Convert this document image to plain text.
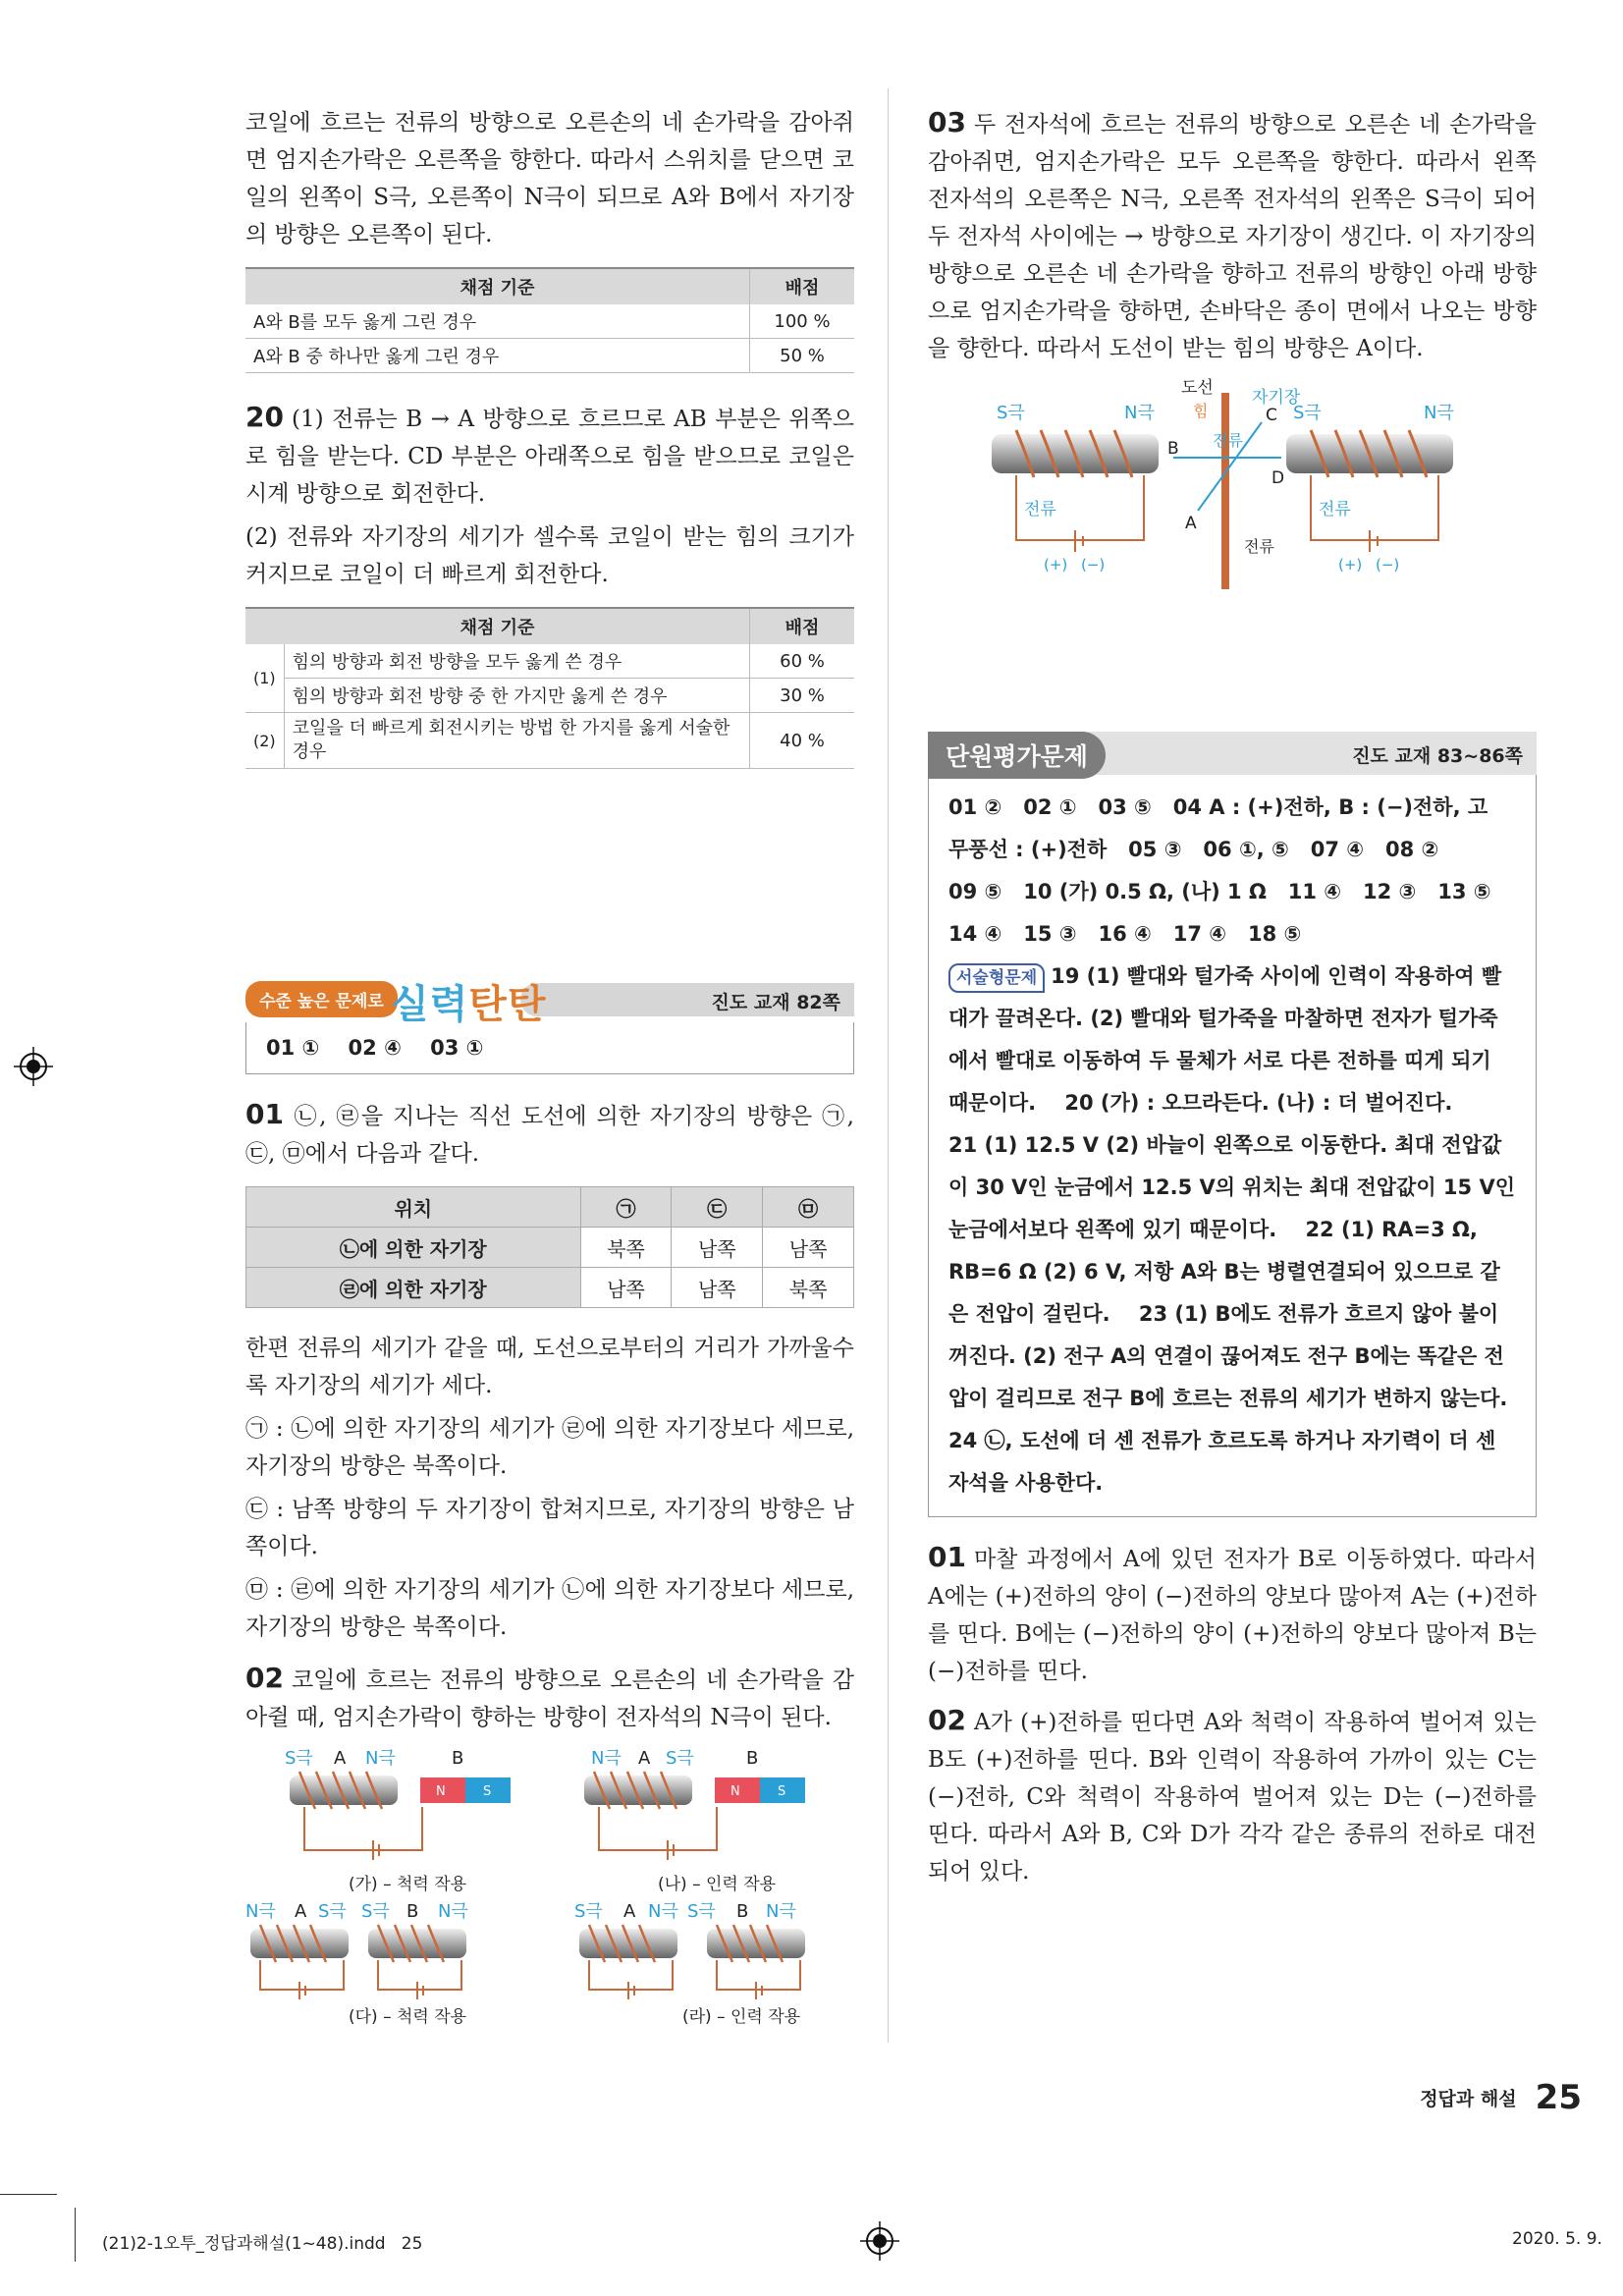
코일에 흐르는 전류의 방향으로 오른손의 네 손가락을 감아쥐면 엄지손가락은 오른쪽을 향한다. 따라서 스위치를 닫으면 코일의 왼쪽이 S극, 오른쪽이 N극이 되므로 A와 B에서 자기장의 방향은 오른쪽이 된다.

채점 기준	배점
A와 B를 모두 옳게 그린 경우	100 %
A와 B 중 하나만 옳게 그린 경우	50 %

20 (1) 전류는 B → A 방향으로 흐르므로 AB 부분은 위쪽으로 힘을 받는다. CD 부분은 아래쪽으로 힘을 받으므로 코일은 시계 방향으로 회전한다.

(2) 전류와 자기장의 세기가 셀수록 코일이 받는 힘의 크기가 커지므로 코일이 더 빠르게 회전한다.

채점 기준		배점
(1)	힘의 방향과 회전 방향을 모두 옳게 쓴 경우	60 %
	힘의 방향과 회전 방향 중 한 가지만 옳게 쓴 경우	30 %
(2)	코일을 더 빠르게 회전시키는 방법 한 가지를 옳게 서술한 경우	40 %
진도 교재 82쪽
수준 높은 문제로 실력탄탄
01 ①    02 ④    03 ①

01 ㉡, ㉣을 지나는 직선 도선에 의한 자기장의 방향은 ㉠, ㉢, ㉤에서 다음과 같다.

위치	㉠	㉢	㉤
㉡에 의한 자기장	북쪽	남쪽	남쪽
㉣에 의한 자기장	남쪽	남쪽	북쪽

한편 전류의 세기가 같을 때, 도선으로부터의 거리가 가까울수록 자기장의 세기가 세다.

㉠ : ㉡에 의한 자기장의 세기가 ㉣에 의한 자기장보다 세므로, 자기장의 방향은 북쪽이다.

㉢ : 남쪽 방향의 두 자기장이 합쳐지므로, 자기장의 방향은 남쪽이다.

㉤ : ㉣에 의한 자기장의 세기가 ㉡에 의한 자기장보다 세므로, 자기장의 방향은 북쪽이다.

02 코일에 흐르는 전류의 방향으로 오른손의 네 손가락을 감아쥘 때, 엄지손가락이 향하는 방향이 전자석의 N극이 된다.

S극 A N극	B
N	S
(가) – 척력 작용
N극 A S극	B
N	S
(나) – 인력 작용
N극 A S극 S극 B N극
(다) – 척력 작용
S극 A N극 S극 B N극
(라) – 인력 작용

03 두 전자석에 흐르는 전류의 방향으로 오른손 네 손가락을 감아쥐면, 엄지손가락은 모두 오른쪽을 향한다. 따라서 왼쪽 전자석의 오른쪽은 N극, 오른쪽 전자석의 왼쪽은 S극이 되어 두 전자석 사이에는 → 방향으로 자기장이 생긴다. 이 자기장의 방향으로 오른손 네 손가락을 향하고 전류의 방향인 아래 방향으로 엄지손가락을 향하면, 손바닥은 종이 면에서 나오는 방향을 향한다. 따라서 도선이 받는 힘의 방향은 A이다.

S극	N극
전류
(+) (−)
도선 자기장
힘
전류
B
C
D
A
전류
S극	N극
전류
(+) (−)
단원평가문제	진도 교재 83~86쪽
01 ②   02 ①   03 ⑤   04 A : (+)전하, B : (−)전하, 고
무풍선 : (+)전하   05 ③   06 ①, ⑤   07 ④   08 ②
09 ⑤   10 (가) 0.5 Ω, (나) 1 Ω   11 ④   12 ③   13 ⑤
14 ④   15 ③   16 ④   17 ④   18 ⑤
서술형문제 19 (1) 빨대와 털가죽 사이에 인력이 작용하여 빨대가 끌려온다. (2) 빨대와 털가죽을 마찰하면 전자가 털가죽에서 빨대로 이동하여 두 물체가 서로 다른 전하를 띠게 되기 때문이다.    20 (가) : 오므라든다. (나) : 더 벌어진다.
21 (1) 12.5 V (2) 바늘이 왼쪽으로 이동한다. 최대 전압값이 30 V인 눈금에서 12.5 V의 위치는 최대 전압값이 15 V인 눈금에서보다 왼쪽에 있기 때문이다.    22 (1) RA=3 Ω, RB=6 Ω (2) 6 V, 저항 A와 B는 병렬연결되어 있으므로 같은 전압이 걸린다.    23 (1) B에도 전류가 흐르지 않아 불이 꺼진다. (2) 전구 A의 연결이 끊어져도 전구 B에는 똑같은 전압이 걸리므로 전구 B에 흐르는 전류의 세기가 변하지 않는다.
24 ㉡, 도선에 더 센 전류가 흐르도록 하거나 자기력이 더 센 자석을 사용한다.

01 마찰 과정에서 A에 있던 전자가 B로 이동하였다. 따라서 A에는 (+)전하의 양이 (−)전하의 양보다 많아져 A는 (+)전하를 띤다. B에는 (−)전하의 양이 (+)전하의 양보다 많아져 B는 (−)전하를 띤다.

02 A가 (+)전하를 띤다면 A와 척력이 작용하여 벌어져 있는 B도 (+)전하를 띤다. B와 인력이 작용하여 가까이 있는 C는 (−)전하, C와 척력이 작용하여 벌어져 있는 D는 (−)전하를 띤다. 따라서 A와 B, C와 D가 각각 같은 종류의 전하로 대전되어 있다.

정답과 해설 25
(21)2-1오투_정답과해설(1~48).indd   25	2020. 5. 9.
